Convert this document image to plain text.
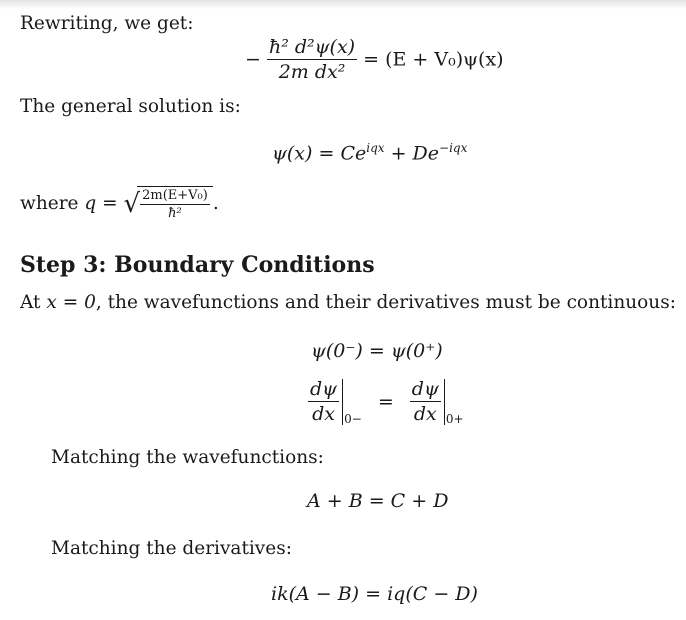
Rewriting, we get:
− $\frac{\text{ħ² d²ψ(x)}}{\text{2m dx²}} = (E + V_0)\psi(x)$
The general solution is:
$\psi(x) = Ce^{iqx} + De^{-iqx}$
where q = √ $\frac{\text{2m(E+V₀)}}{\text{ħ²}}$ .
Step 3: Boundary Conditions
At x = 0, the wavefunctions and their derivatives must be continuous:
ψ(0⁻) = ψ(0⁺)
$\frac{d\psi}{dx} _{0-} = \frac{d\psi}{dx} _{0+}$
Matching the wavefunctions:
A + B = C + D
Matching the derivatives:
ik(A − B) = iq(C − D)
